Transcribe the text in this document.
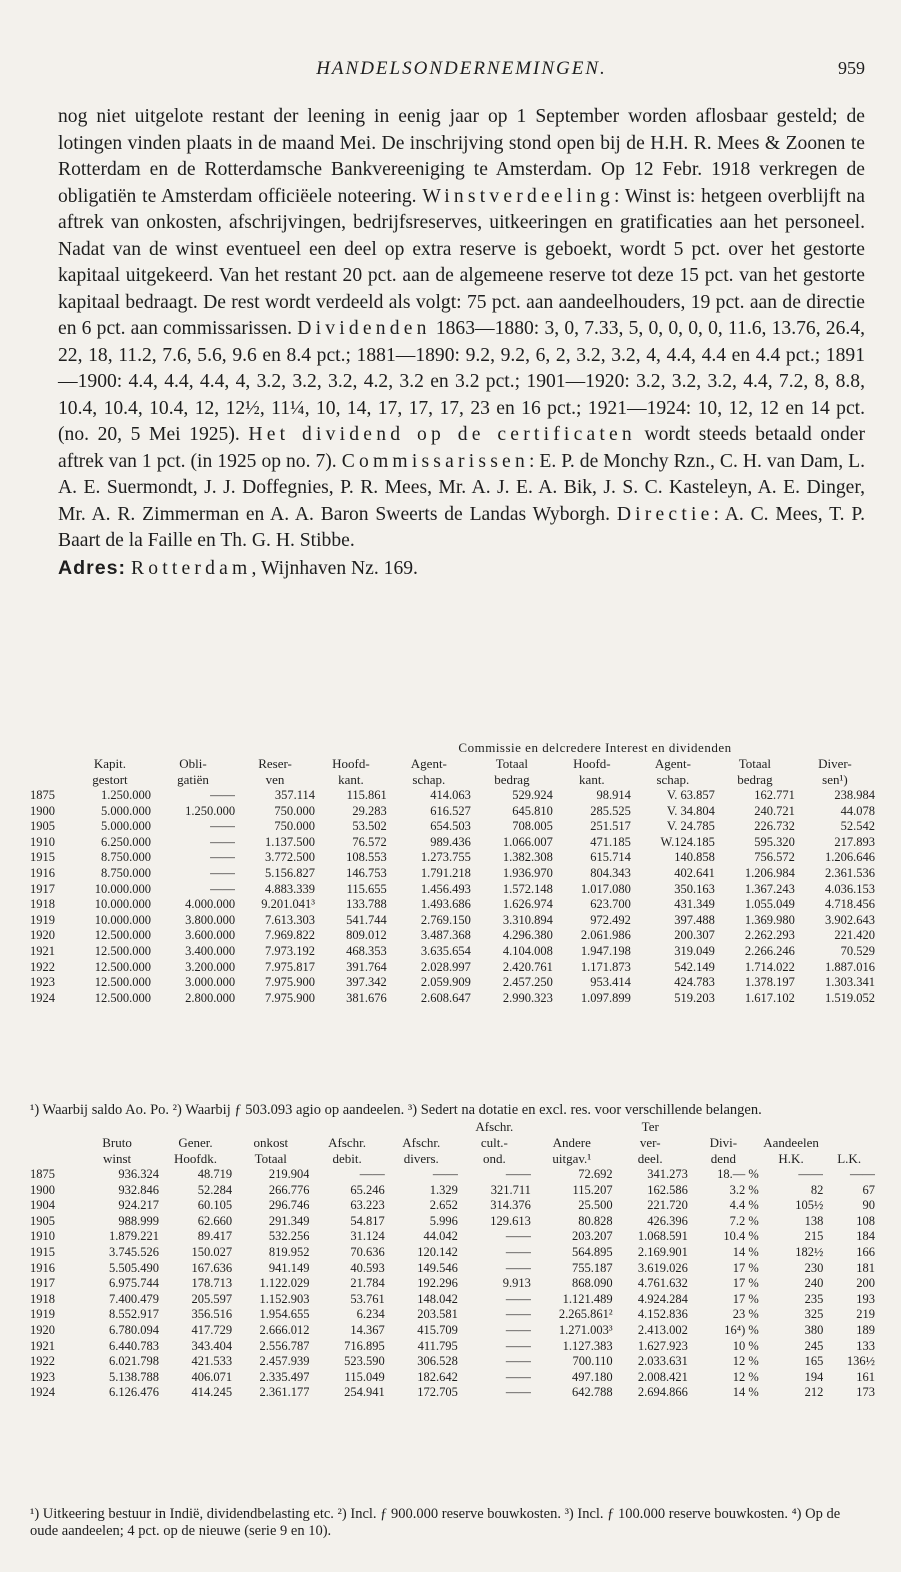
HANDELSONDERNEMINGEN.	959
nog niet uitgelote restant der leening in eenig jaar op 1 September worden aflosbaar gesteld; de lotingen vinden plaats in de maand Mei. De inschrijving stond open bij de H.H. R. Mees & Zoonen te Rotterdam en de Rotterdamsche Bankvereeniging te Amsterdam. Op 12 Febr. 1918 verkregen de obligatiën te Amsterdam officiëele noteering. Winstverdeeling: Winst is: hetgeen overblijft na aftrek van onkosten, afschrijvingen, bedrijfsreserves, uitkeeringen en gratificaties aan het personeel. Nadat van de winst eventueel een deel op extra reserve is geboekt, wordt 5 pct. over het gestorte kapitaal uitgekeerd. Van het restant 20 pct. aan de algemeene reserve tot deze 15 pct. van het gestorte kapitaal bedraagt. De rest wordt verdeeld als volgt: 75 pct. aan aandeelhouders, 19 pct. aan de directie en 6 pct. aan commissarissen. Dividenden 1863—1880: 3, 0, 7.33, 5, 0, 0, 0, 0, 11.6, 13.76, 26.4, 22, 18, 11.2, 7.6, 5.6, 9.6 en 8.4 pct.; 1881—1890: 9.2, 9.2, 6, 2, 3.2, 3.2, 4, 4.4, 4.4 en 4.4 pct.; 1891—1900: 4.4, 4.4, 4.4, 4, 3.2, 3.2, 3.2, 4.2, 3.2 en 3.2 pct.; 1901—1920: 3.2, 3.2, 3.2, 4.4, 7.2, 8, 8.8, 10.4, 10.4, 10.4, 12, 12½, 11¼, 10, 14, 17, 17, 17, 23 en 16 pct.; 1921—1924: 10, 12, 12 en 14 pct. (no. 20, 5 Mei 1925). Het dividend op de certificaten wordt steeds betaald onder aftrek van 1 pct. (in 1925 op no. 7). Commissarissen: E. P. de Monchy Rzn., C. H. van Dam, L. A. E. Suermondt, J. J. Doffegnies, P. R. Mees, Mr. A. J. E. A. Bik, J. S. C. Kasteleyn, A. E. Dinger, Mr. A. R. Zimmerman en A. A. Baron Sweerts de Landas Wyborgh. Directie: A. C. Mees, T. P. Baart de la Faille en Th. G. H. Stibbe.
Adres: Rotterdam, Wijnhaven Nz. 169.
				Commissie en delcredere Interest en dividenden						
	Kapit.	Obli-	Reser-	Hoofd-	Agent-	Totaal	Hoofd-	Agent-	Totaal	Diver-
	gestort	gatiën	ven	kant.	schap.	bedrag	kant.	schap.	bedrag	sen¹)
1875	1.250.000	——	357.114	115.861	414.063	529.924	98.914	V. 63.857	162.771	238.984
1900	5.000.000	1.250.000	750.000	29.283	616.527	645.810	285.525	V. 34.804	240.721	44.078
1905	5.000.000	——	750.000	53.502	654.503	708.005	251.517	V. 24.785	226.732	52.542
1910	6.250.000	——	1.137.500	76.572	989.436	1.066.007	471.185	W.124.185	595.320	217.893
1915	8.750.000	——	3.772.500	108.553	1.273.755	1.382.308	615.714	140.858	756.572	1.206.646
1916	8.750.000	——	5.156.827	146.753	1.791.218	1.936.970	804.343	402.641	1.206.984	2.361.536
1917	10.000.000	——	4.883.339	115.655	1.456.493	1.572.148	1.017.080	350.163	1.367.243	4.036.153
1918	10.000.000	4.000.000	9.201.041³	133.788	1.493.686	1.626.974	623.700	431.349	1.055.049	4.718.456
1919	10.000.000	3.800.000	7.613.303	541.744	2.769.150	3.310.894	972.492	397.488	1.369.980	3.902.643
1920	12.500.000	3.600.000	7.969.822	809.012	3.487.368	4.296.380	2.061.986	200.307	2.262.293	221.420
1921	12.500.000	3.400.000	7.973.192	468.353	3.635.654	4.104.008	1.947.198	319.049	2.266.246	70.529
1922	12.500.000	3.200.000	7.975.817	391.764	2.028.997	2.420.761	1.171.873	542.149	1.714.022	1.887.016
1923	12.500.000	3.000.000	7.975.900	397.342	2.059.909	2.457.250	953.414	424.783	1.378.197	1.303.341
1924	12.500.000	2.800.000	7.975.900	381.676	2.608.647	2.990.323	1.097.899	519.203	1.617.102	1.519.052
¹) Waarbij saldo Ao. Po. ²) Waarbij ƒ 503.093 agio op aandeelen. ³) Sedert na dotatie en excl. res. voor verschillende belangen.
						Afschr.		Ter			
	Bruto	Gener.	onkost	Afschr.	Afschr.	cult.-	Andere	ver-	Divi-	Aandeelen	
	winst	Hoofdk.	Totaal	debit.	divers.	ond.	uitgav.¹	deel.	dend	H.K.	L.K.
1875	936.324	48.719	219.904	——	——	——	72.692	341.273	18.— %	——	——
1900	932.846	52.284	266.776	65.246	1.329	321.711	115.207	162.586	3.2 %	82	67
1904	924.217	60.105	296.746	63.223	2.652	314.376	25.500	221.720	4.4 %	105½	90
1905	988.999	62.660	291.349	54.817	5.996	129.613	80.828	426.396	7.2 %	138	108
1910	1.879.221	89.417	532.256	31.124	44.042	——	203.207	1.068.591	10.4 %	215	184
1915	3.745.526	150.027	819.952	70.636	120.142	——	564.895	2.169.901	14 %	182½	166
1916	5.505.490	167.636	941.149	40.593	149.546	——	755.187	3.619.026	17 %	230	181
1917	6.975.744	178.713	1.122.029	21.784	192.296	9.913	868.090	4.761.632	17 %	240	200
1918	7.400.479	205.597	1.152.903	53.761	148.042	——	1.121.489	4.924.284	17 %	235	193
1919	8.552.917	356.516	1.954.655	6.234	203.581	——	2.265.861²	4.152.836	23 %	325	219
1920	6.780.094	417.729	2.666.012	14.367	415.709	——	1.271.003³	2.413.002	16⁴) %	380	189
1921	6.440.783	343.404	2.556.787	716.895	411.795	——	1.127.383	1.627.923	10 %	245	133
1922	6.021.798	421.533	2.457.939	523.590	306.528	——	700.110	2.033.631	12 %	165	136½
1923	5.138.788	406.071	2.335.497	115.049	182.642	——	497.180	2.008.421	12 %	194	161
1924	6.126.476	414.245	2.361.177	254.941	172.705	——	642.788	2.694.866	14 %	212	173
¹) Uitkeering bestuur in Indië, dividendbelasting etc. ²) Incl. ƒ 900.000 reserve bouwkosten. ³) Incl. ƒ 100.000 reserve bouwkosten. ⁴) Op de oude aandeelen; 4 pct. op de nieuwe (serie 9 en 10).
